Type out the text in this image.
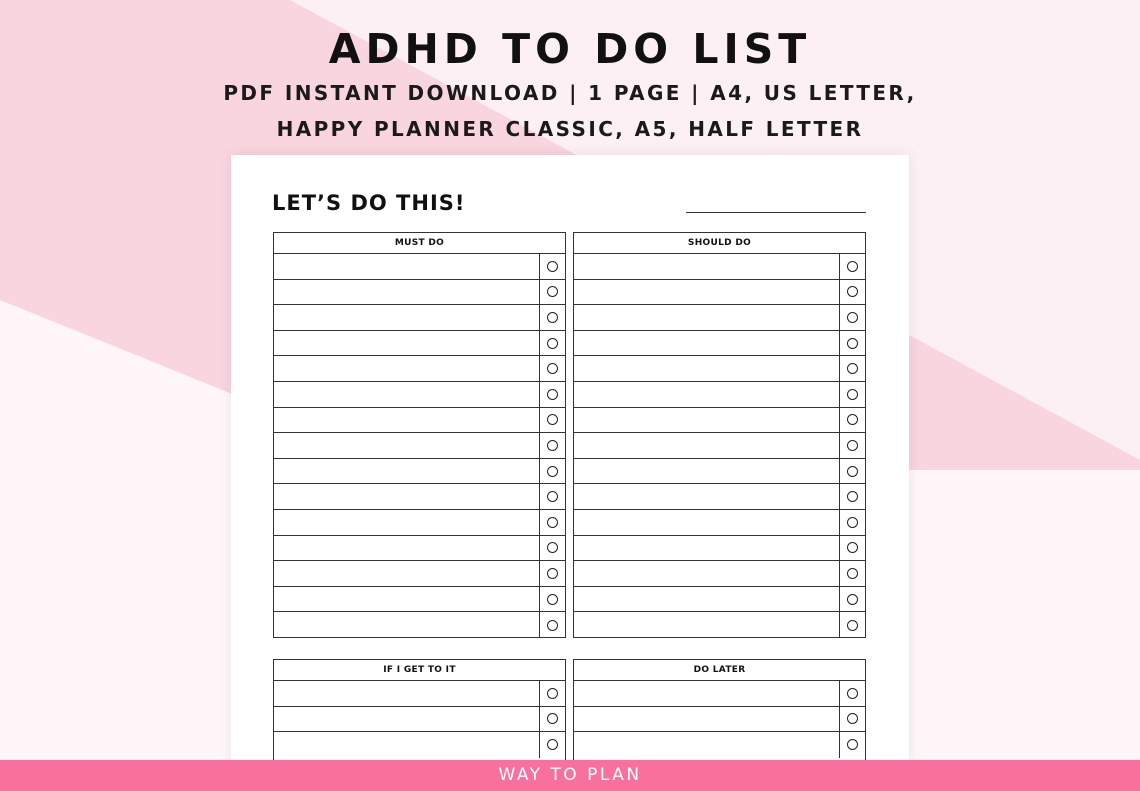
ADHD TO DO LIST
PDF INSTANT DOWNLOAD | 1 PAGE | A4, US LETTER,
HAPPY PLANNER CLASSIC, A5, HALF LETTER
LET’S DO THIS!
MUST DO	SHOULD DO
IF I GET TO IT	DO LATER
WAY TO PLAN
